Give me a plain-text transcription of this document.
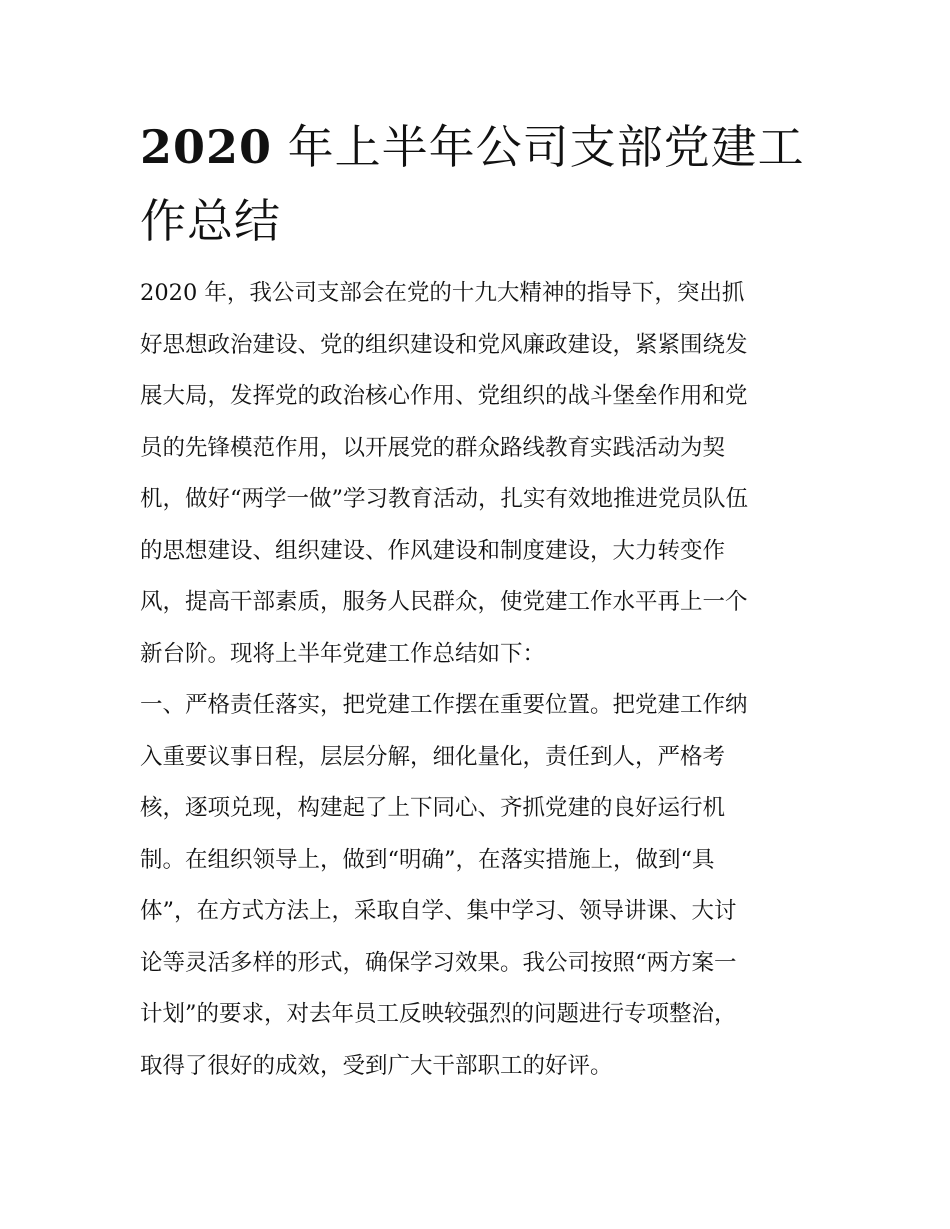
2020 年上半年公司支部党建工
作总结
2020 年，我公司支部会在党的十九大精神的指导下，突出抓
好思想政治建设、党的组织建设和党风廉政建设，紧紧围绕发
展大局，发挥党的政治核心作用、党组织的战斗堡垒作用和党
员的先锋模范作用，以开展党的群众路线教育实践活动为契
机，做好“两学一做”学习教育活动，扎实有效地推进党员队伍
的思想建设、组织建设、作风建设和制度建设，大力转变作
风，提高干部素质，服务人民群众，使党建工作水平再上一个
新台阶。现将上半年党建工作总结如下：
一、严格责任落实，把党建工作摆在重要位置。把党建工作纳
入重要议事日程，层层分解，细化量化，责任到人，严格考
核，逐项兑现，构建起了上下同心、齐抓党建的良好运行机
制。在组织领导上，做到“明确”，在落实措施上，做到“具
体”，在方式方法上，采取自学、集中学习、领导讲课、大讨
论等灵活多样的形式，确保学习效果。我公司按照“两方案一
计划”的要求，对去年员工反映较强烈的问题进行专项整治，
取得了很好的成效，受到广大干部职工的好评。
